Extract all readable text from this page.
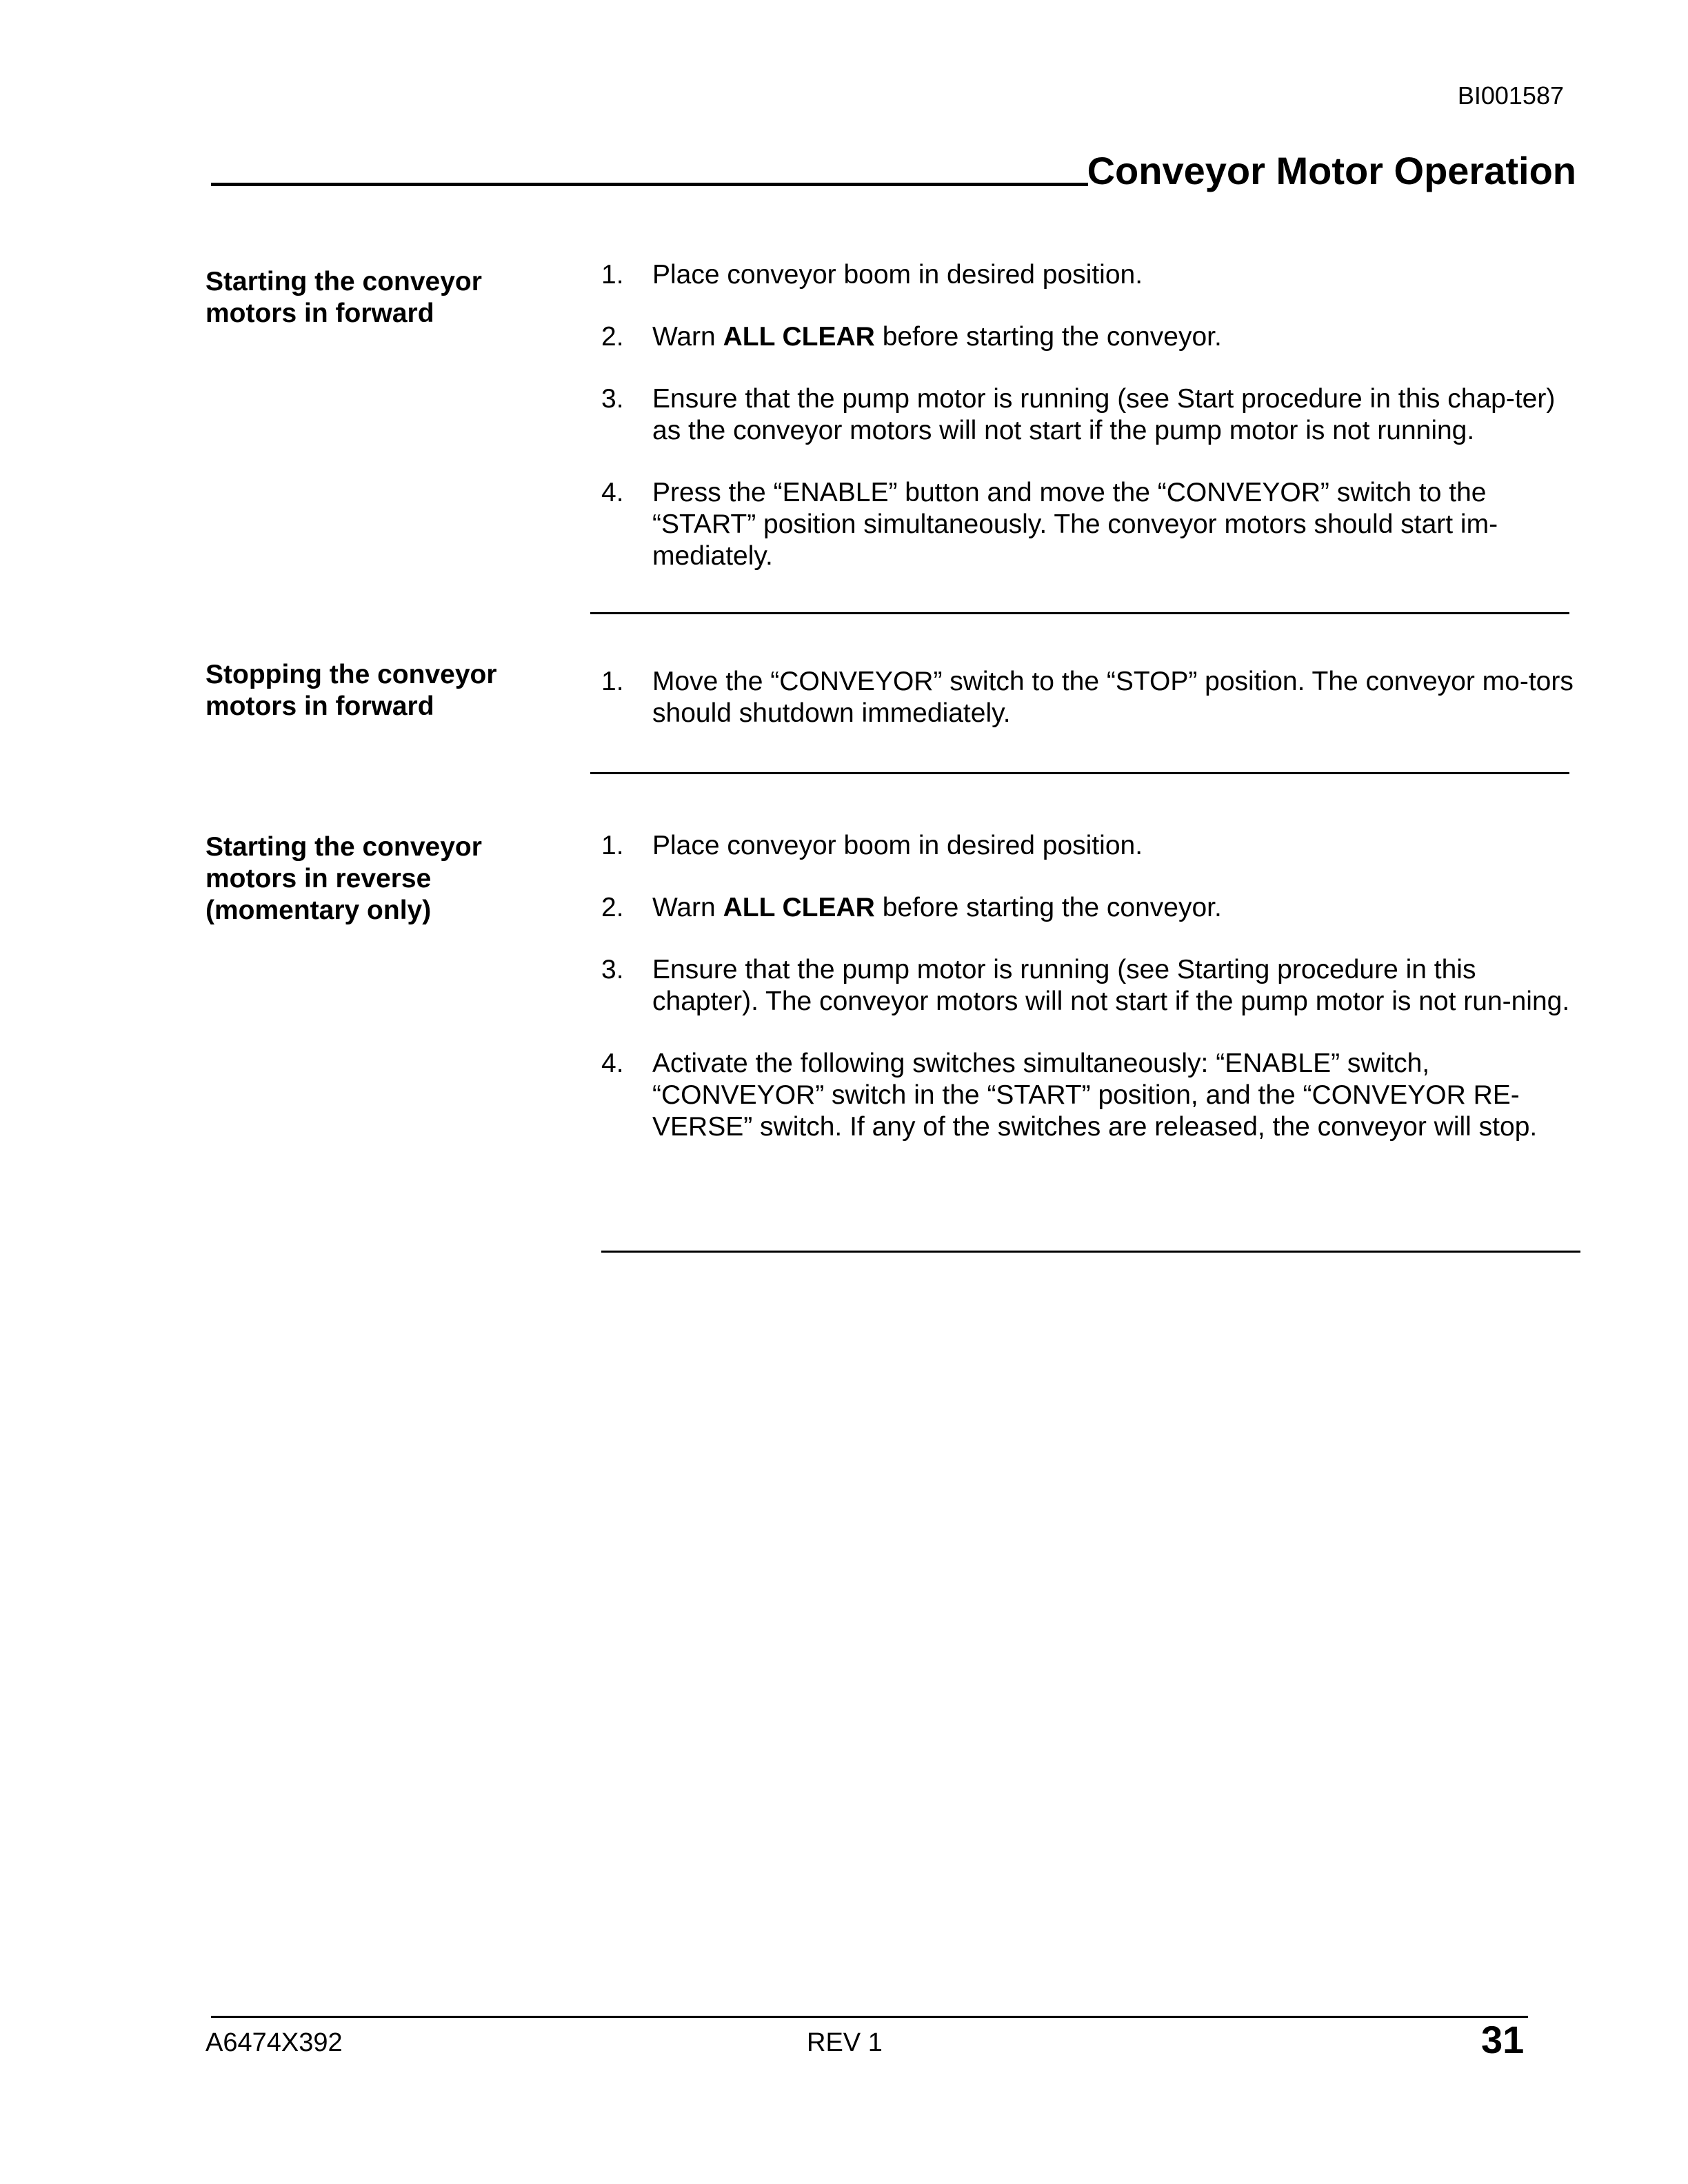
BI001587
Conveyor Motor Operation
Starting the conveyor motors in forward
1. Place conveyor boom in desired position.
2. Warn ALL CLEAR before starting the conveyor.
3. Ensure that the pump motor is running (see Start procedure in this chap-ter) as the conveyor motors will not start if the pump motor is not running.
4. Press the “ENABLE” button and move the “CONVEYOR” switch to the “START” position simultaneously. The conveyor motors should start im-mediately.
Stopping the conveyor motors in forward
1. Move the “CONVEYOR” switch to the “STOP” position. The conveyor mo-tors should shutdown immediately.
Starting the conveyor motors in reverse (momentary only)
1. Place conveyor boom in desired position.
2. Warn ALL CLEAR before starting the conveyor.
3. Ensure that the pump motor is running (see Starting procedure in this chapter). The conveyor motors will not start if the pump motor is not run-ning.
4. Activate the following switches simultaneously: “ENABLE” switch, “CONVEYOR” switch in the “START” position, and the “CONVEYOR RE-VERSE” switch. If any of the switches are released, the conveyor will stop.
A6474X392	REV 1	31
